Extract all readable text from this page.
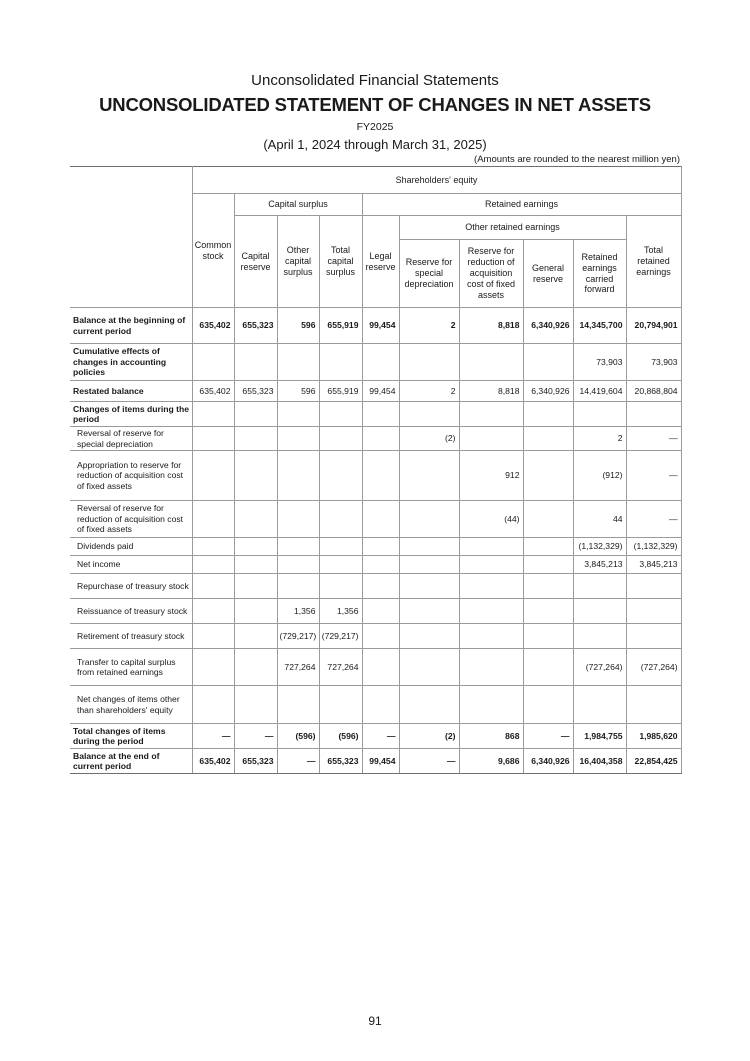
Unconsolidated Financial Statements
UNCONSOLIDATED STATEMENT OF CHANGES IN NET ASSETS
FY2025
(April 1, 2024 through March 31, 2025)
(Amounts are rounded to the nearest million yen)
	Shareholders' equity									
	Common stock	Capital surplus			Retained earnings					
		Capital reserve	Other capital surplus	Total capital surplus	Legal reserve	Other retained earnings				Total retained earnings
						Reserve for special depreciation	Reserve for reduction of acquisition cost of fixed assets	General reserve	Retained earnings carried forward	

Balance at the beginning of current period	635,402	655,323	596	655,919	99,454	2	8,818	6,340,926	14,345,700	20,794,901
Cumulative effects of changes in accounting policies									73,903	73,903
Restated balance	635,402	655,323	596	655,919	99,454	2	8,818	6,340,926	14,419,604	20,868,804
Changes of items during the period										
Reversal of reserve for special depreciation						(2)			2	—
Appropriation to reserve for reduction of acquisition cost of fixed assets							912		(912)	—
Reversal of reserve for reduction of acquisition cost of fixed assets							(44)		44	—
Dividends paid									(1,132,329)	(1,132,329)
Net income									3,845,213	3,845,213
Repurchase of treasury stock										
Reissuance of treasury stock			1,356	1,356						
Retirement of treasury stock			(729,217)	(729,217)						
Transfer to capital surplus from retained earnings			727,264	727,264					(727,264)	(727,264)
Net changes of items other than shareholders' equity										
Total changes of items during the period	—	—	(596)	(596)	—	(2)	868	—	1,984,755	1,985,620
Balance at the end of current period	635,402	655,323	—	655,323	99,454	—	9,686	6,340,926	16,404,358	22,854,425
91
